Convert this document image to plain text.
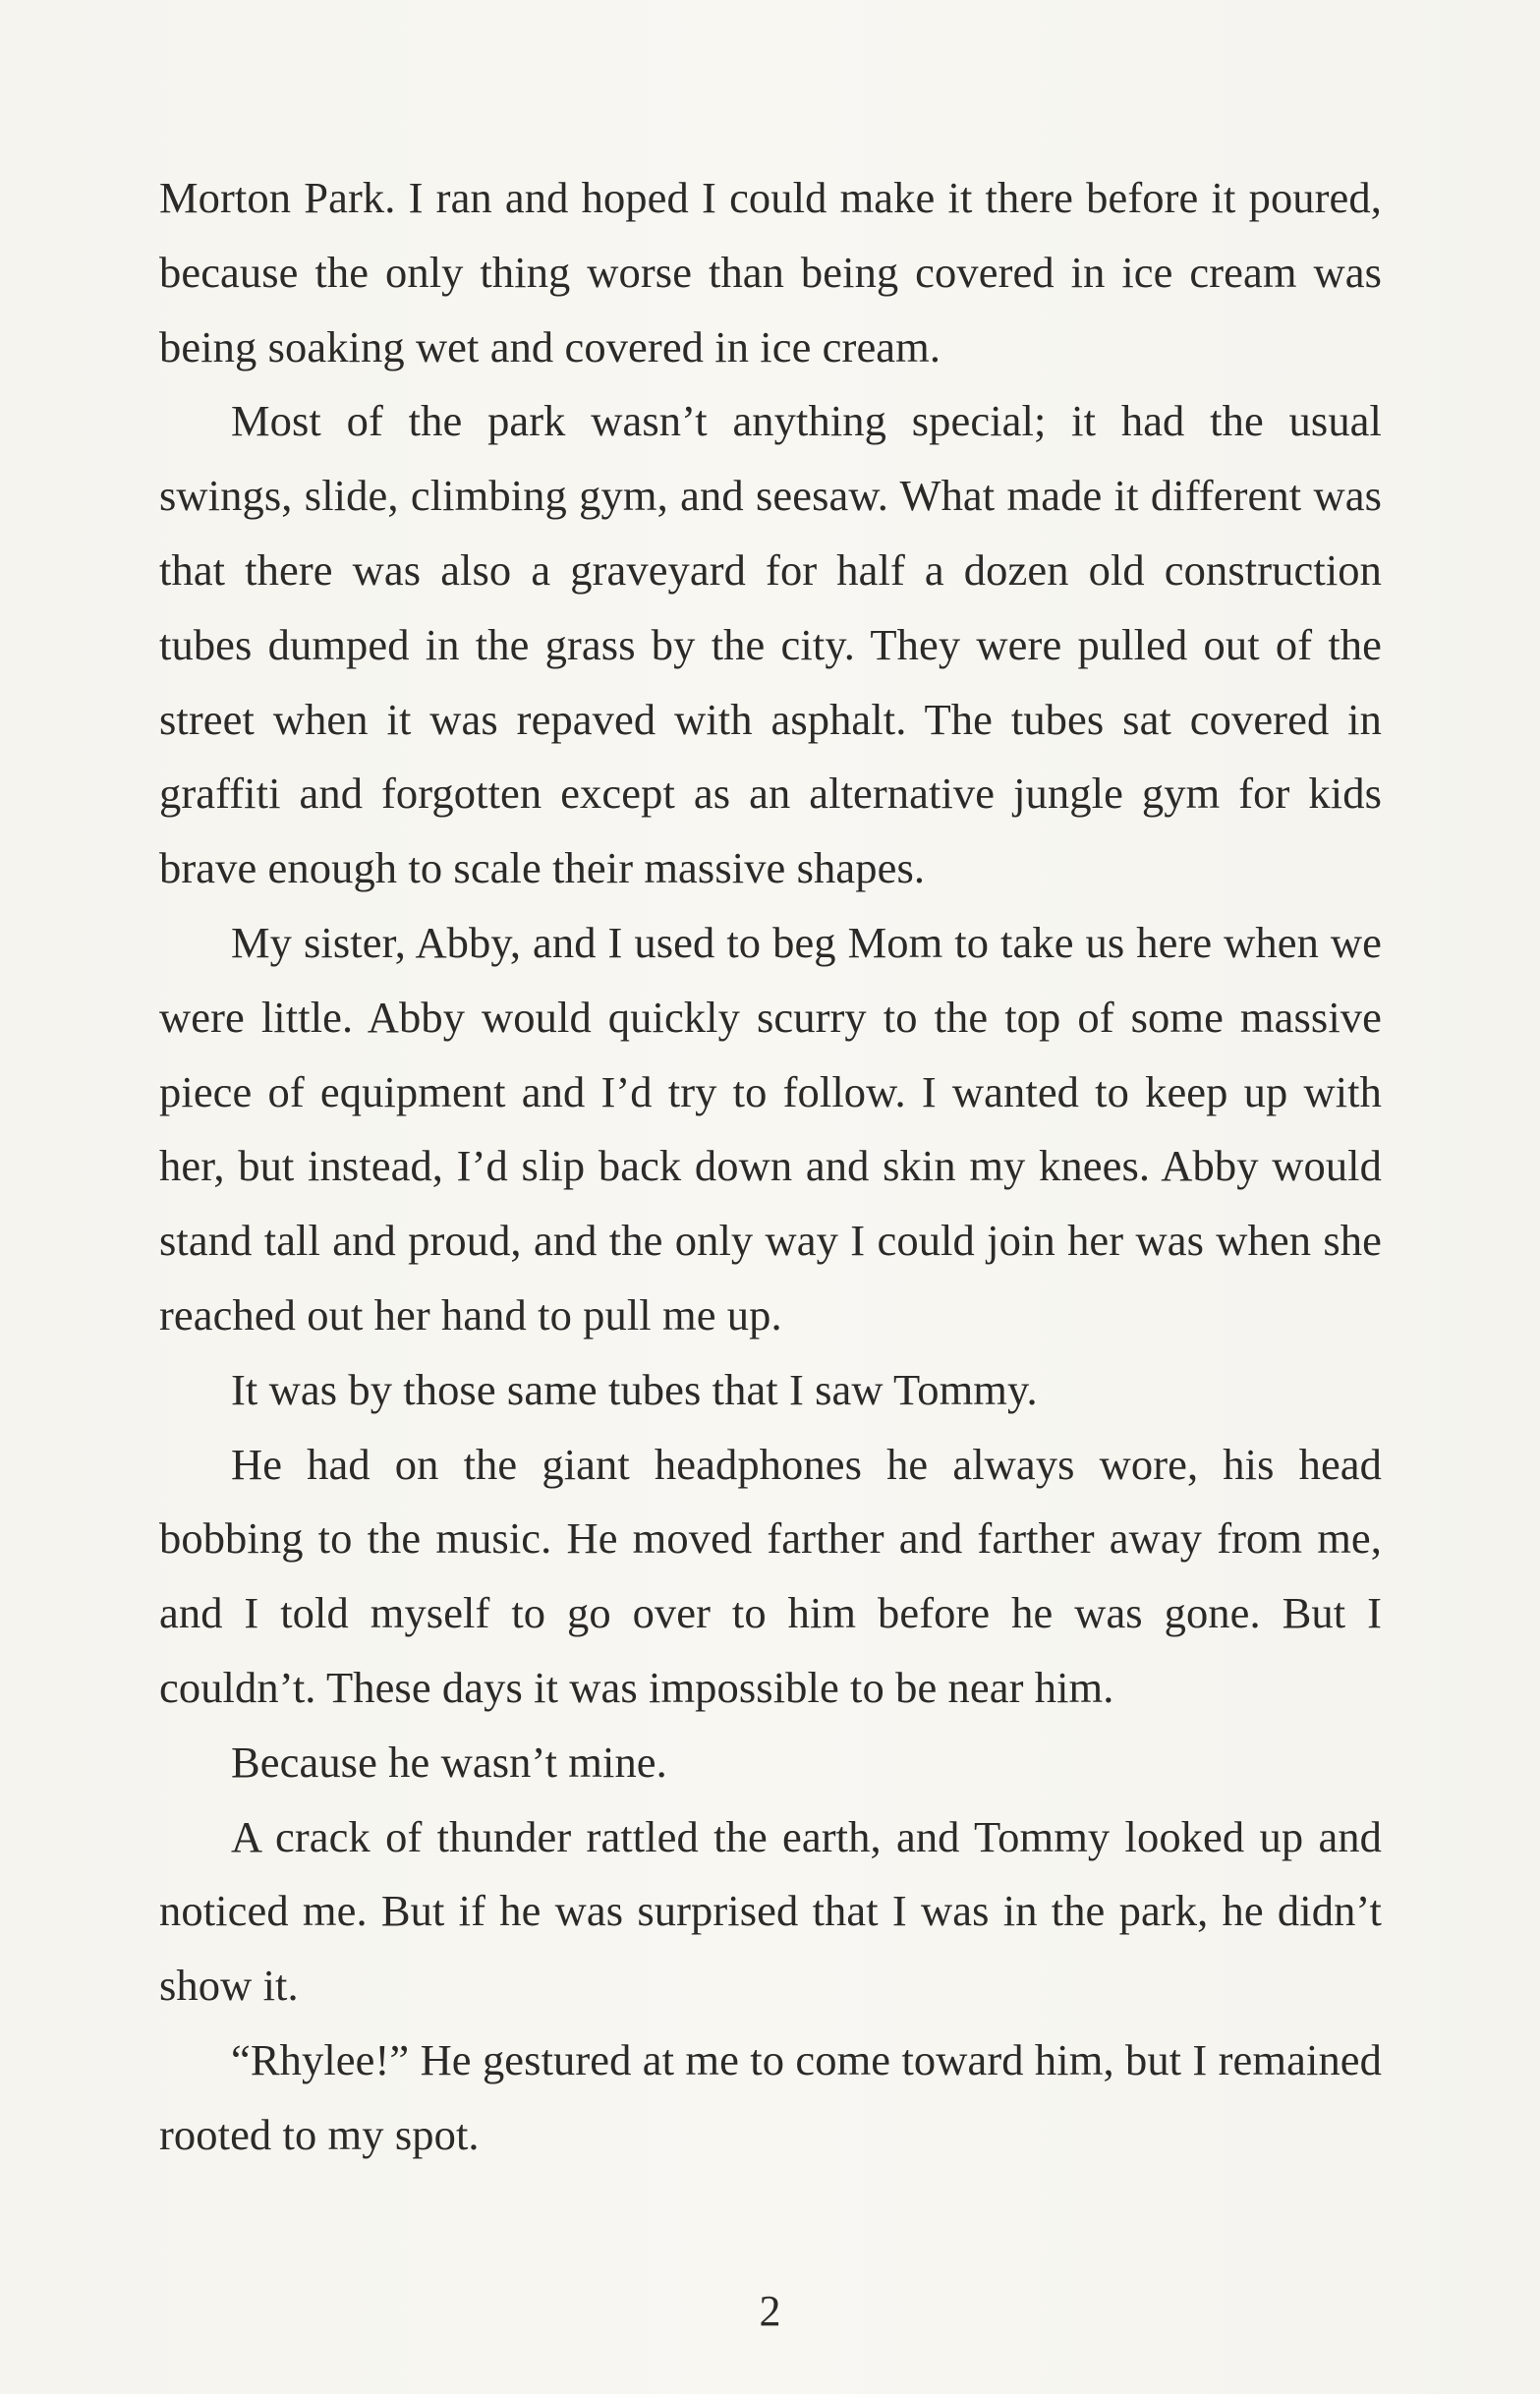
Morton Park. I ran and hoped I could make it there before it poured, because the only thing worse than being covered in ice cream was being soaking wet and covered in ice cream.

Most of the park wasn’t anything special; it had the usual swings, slide, climbing gym, and seesaw. What made it different was that there was also a graveyard for half a dozen old construction tubes dumped in the grass by the city. They were pulled out of the street when it was repaved with asphalt. The tubes sat covered in graffiti and forgotten except as an alternative jungle gym for kids brave enough to scale their massive shapes.

My sister, Abby, and I used to beg Mom to take us here when we were little. Abby would quickly scurry to the top of some massive piece of equipment and I’d try to follow. I wanted to keep up with her, but instead, I’d slip back down and skin my knees. Abby would stand tall and proud, and the only way I could join her was when she reached out her hand to pull me up.

It was by those same tubes that I saw Tommy.

He had on the giant headphones he always wore, his head bobbing to the music. He moved farther and farther away from me, and I told myself to go over to him before he was gone. But I couldn’t. These days it was impossible to be near him.

Because he wasn’t mine.

A crack of thunder rattled the earth, and Tommy looked up and noticed me. But if he was surprised that I was in the park, he didn’t show it.

“Rhylee!” He gestured at me to come toward him, but I remained rooted to my spot.

2
